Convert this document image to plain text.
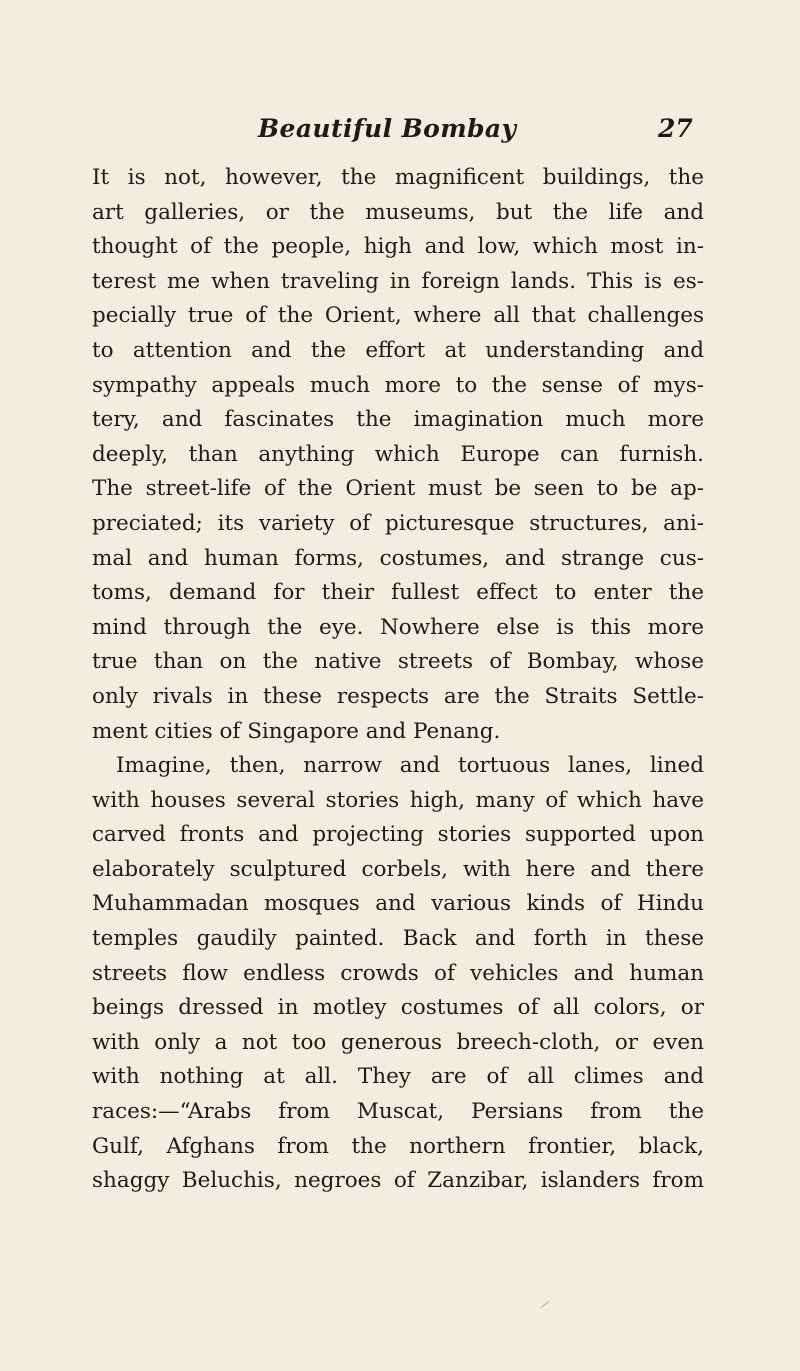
Beautiful Bombay	27
It is not, however, the magnificent buildings, the
art galleries, or the museums, but the life and
thought of the people, high and low, which most in-
terest me when traveling in foreign lands. This is es-
pecially true of the Orient, where all that challenges
to attention and the effort at understanding and
sympathy appeals much more to the sense of mys-
tery, and fascinates the imagination much more
deeply, than anything which Europe can furnish.
The street-life of the Orient must be seen to be ap-
preciated; its variety of picturesque structures, ani-
mal and human forms, costumes, and strange cus-
toms, demand for their fullest effect to enter the
mind through the eye. Nowhere else is this more
true than on the native streets of Bombay, whose
only rivals in these respects are the Straits Settle-
ment cities of Singapore and Penang.
Imagine, then, narrow and tortuous lanes, lined
with houses several stories high, many of which have
carved fronts and projecting stories supported upon
elaborately sculptured corbels, with here and there
Muhammadan mosques and various kinds of Hindu
temples gaudily painted. Back and forth in these
streets flow endless crowds of vehicles and human
beings dressed in motley costumes of all colors, or
with only a not too generous breech-cloth, or even
with nothing at all. They are of all climes and
races:—“Arabs from Muscat, Persians from the
Gulf, Afghans from the northern frontier, black,
shaggy Beluchis, negroes of Zanzibar, islanders from
